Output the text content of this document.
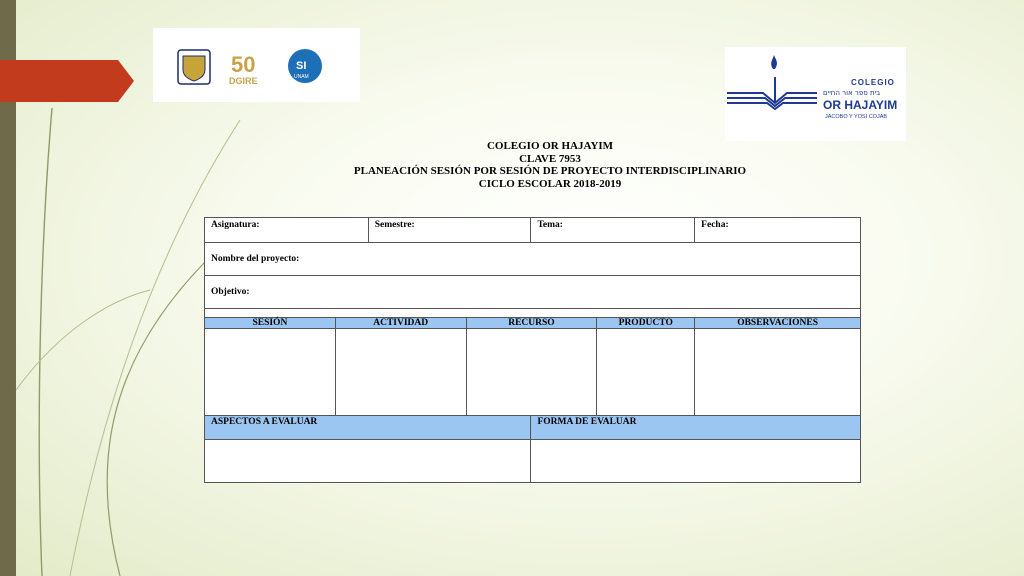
50
DGIRE
SI
UNAM
COLEGIO
בית ספר אור החיים
OR HAJAYIM
JACOBO Y YOSI COJAB
COLEGIO OR HAJAYIM
CLAVE 7953
PLANEACIÓN SESIÓN POR SESIÓN DE PROYECTO INTERDISCIPLINARIO
CICLO ESCOLAR 2018-2019
Asignatura:		Semestre:		Tema:		Fecha:
Nombre del proyecto:						
Objetivo:						

SESIÓN	ACTIVIDAD		RECURSO		PRODUCTO	OBSERVACIONES

ASPECTOS A EVALUAR				FORMA DE EVALUAR		
